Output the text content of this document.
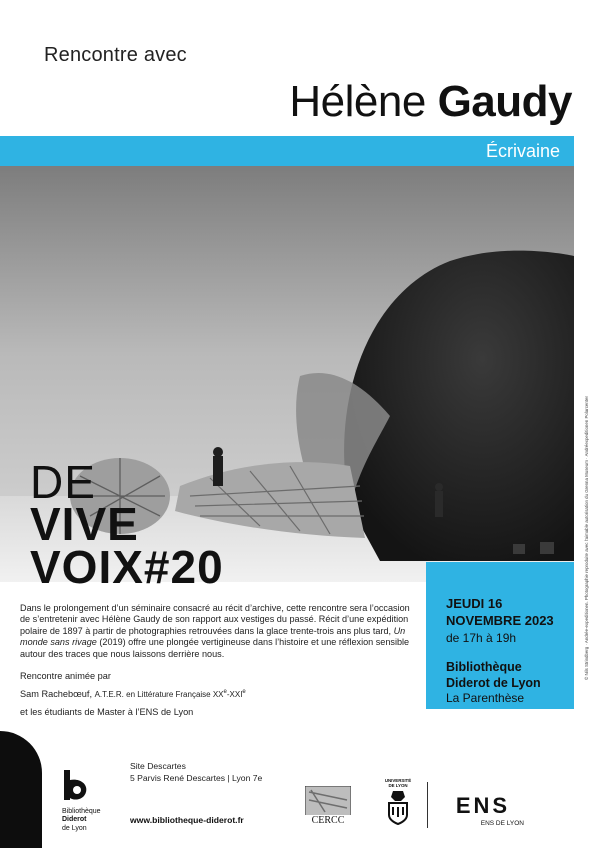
Rencontre avec
Hélène Gaudy
Écrivaine
DE
VIVE
VOIX#20
JEUDI 16
NOVEMBRE 2023
de 17h à 19h
Bibliothèque
Diderot de Lyon
La Parenthèse
Dans le prolongement d’un séminaire consacré au récit d’archive, cette rencontre sera l’occasion de s’entretenir avec Hélène Gaudy de son rapport aux vestiges du passé. Récit d’une expédition polaire de 1897 à partir de photographies retrouvées dans la glace trente-trois ans plus tard, Un monde sans rivage (2019) offre une plongée vertigineuse dans l’histoire et une réflexion sensible autour des traces que nous laissons derrière nous.
Rencontre animée par
Sam Rachebœuf, A.T.E.R. en Littérature Française XXe-XXIe
et les étudiants de Master à l’ENS de Lyon
© Nils Strindberg · Andrée-expeditionen. Photographie reproduite avec l’aimable autorisation du Grenna Museum · Andréexpeditionen Polarcenter
Bibliothèque
Diderot
de Lyon
Site Descartes
5 Parvis René Descartes | Lyon 7e
www.bibliotheque-diderot.fr	CERCC
UNIVERSITÉ
DE LYON
ENS
ENS DE LYON
